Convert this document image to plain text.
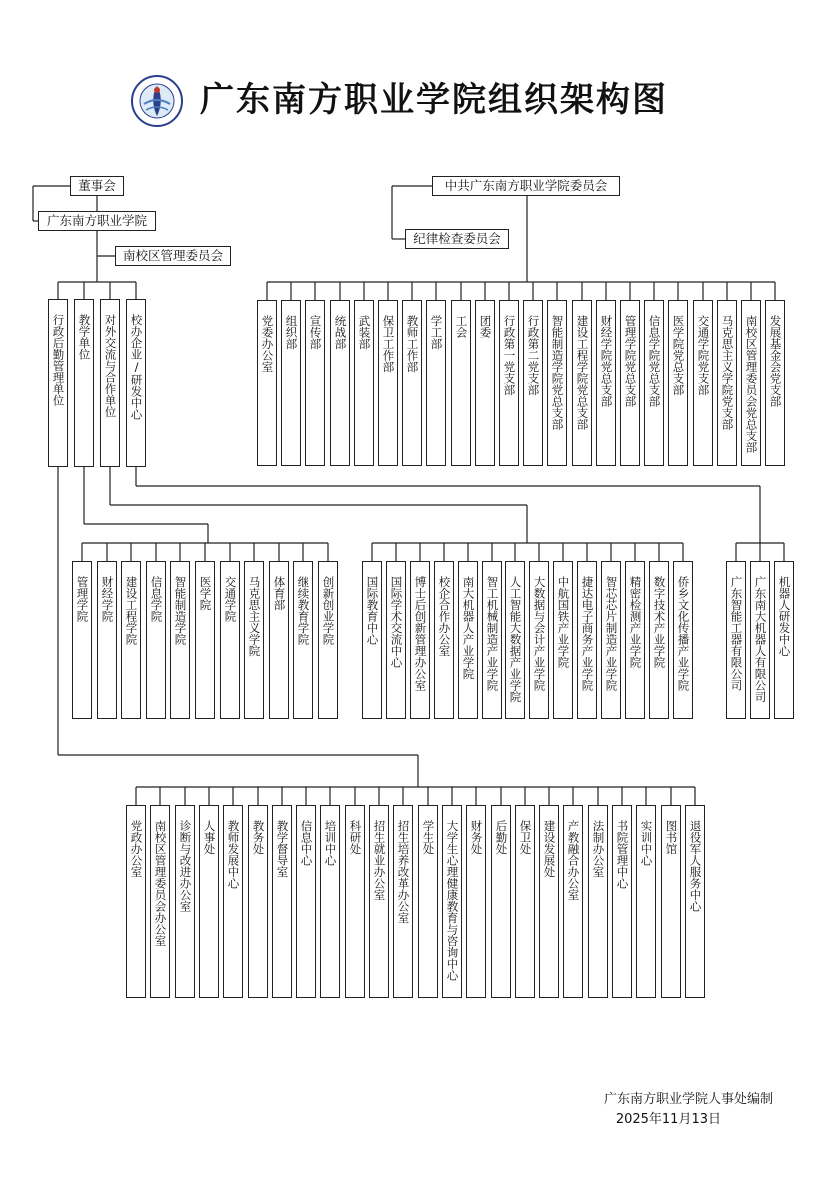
广东南方职业学院组织架构图
董事会
广东南方职业学院
南校区管理委员会
中共广东南方职业学院委员会
纪律检查委员会
党委办公室 组织部 宣传部 统战部 武装部 保卫工作部 教师工作部 学工部 工会 团委 行政第一党支部 行政第二党支部 智能制造学院党总支部 建设工程学院党总支部 财经学院党总支部 管理学院党总支部 信息学院党总支部 医学院党总支部 交通学院党支部 马克思主义学院党支部 南校区管理委员会党总支部 发展基金会党支部
行政后勤管理单位	教学单位	对外交流与合作单位	校办企业/研发中心
管理学院 财经学院 建设工程学院 信息学院 智能制造学院 医学院 交通学院 马克思主义学院 体育部 继续教育学院 创新创业学院	国际教育中心 国际学术交流中心 博士后创新管理办公室 校企合作办公室 南大机器人产业学院 智工机械制造产业学院 人工智能大数据产业学院 大数据与会计产业学院 中航国铁产业学院 捷达电子商务产业学院 智芯芯片制造产业学院 精密检测产业学院 数字技术产业学院 侨乡文化传播产业学院	广东智能工器有限公司 广东南大机器人有限公司 机器人研发中心
党政办公室 南校区管理委员会办公室 诊断与改进办公室 人事处 教师发展中心 教务处 教学督导室 信息中心 培训中心 科研处 招生就业办公室 招生培养改革办公室 学生处 大学生心理健康教育与咨询中心 财务处 后勤处 保卫处 建设发展处 产教融合办公室 法制办公室 书院管理中心 实训中心 图书馆 退役军人服务中心
广东南方职业学院人事处编制
2025年11月13日
